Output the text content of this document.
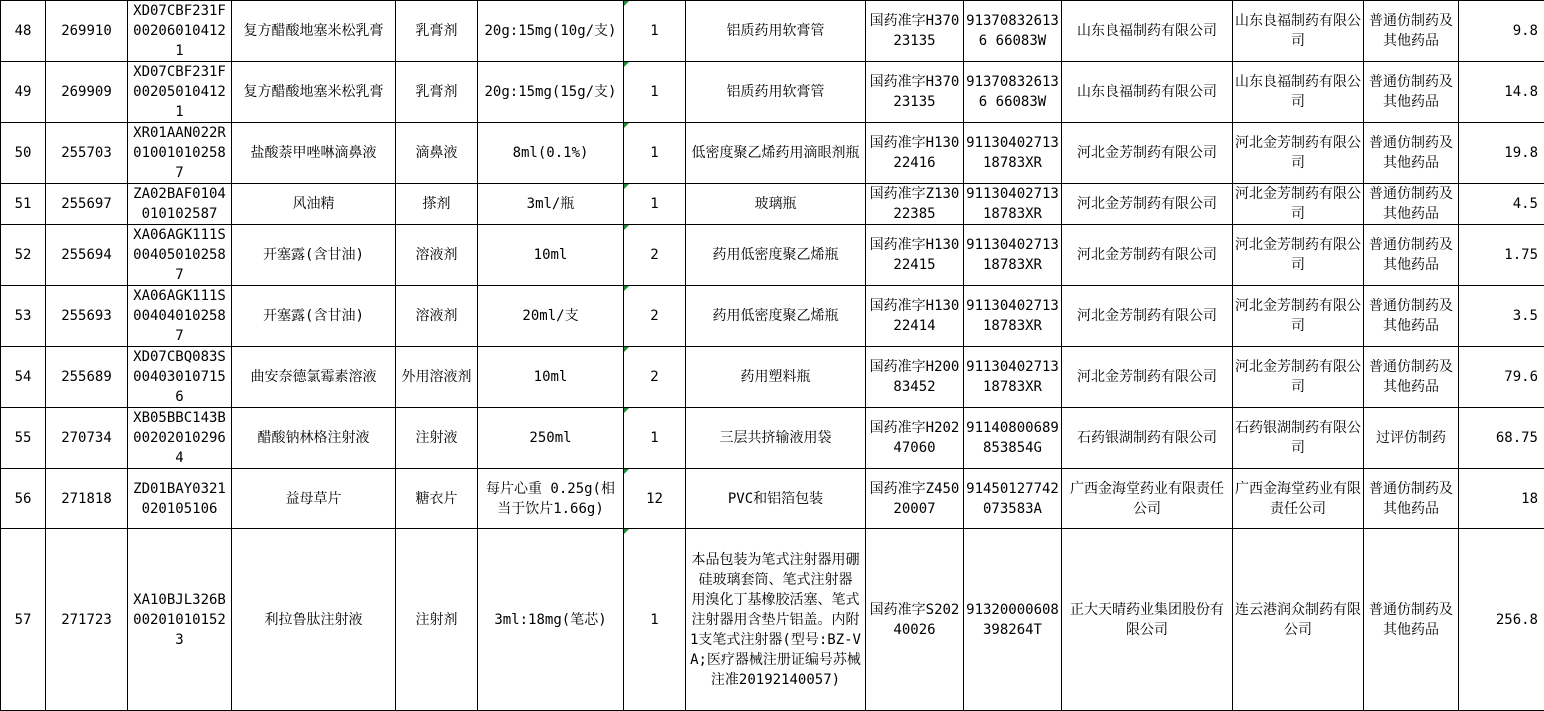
48	269910	XD07CBF231F002060104121	复方醋酸地塞米松乳膏	乳膏剂	20g:15mg(10g/支)	1	铝质药用软膏管	国药准字H37023135	913708326136 66083W	山东良福制药有限公司	山东良福制药有限公司	普通仿制药及其他药品	9.8
49	269909	XD07CBF231F002050104121	复方醋酸地塞米松乳膏	乳膏剂	20g:15mg(15g/支)	1	铝质药用软膏管	国药准字H37023135	913708326136 66083W	山东良福制药有限公司	山东良福制药有限公司	普通仿制药及其他药品	14.8
50	255703	XR01AAN022R010010102587	盐酸萘甲唑啉滴鼻液	滴鼻液	8ml(0.1%)	1	低密度聚乙烯药用滴眼剂瓶	国药准字H13022416	9113040271318783XR	河北金芳制药有限公司	河北金芳制药有限公司	普通仿制药及其他药品	19.8
51	255697	ZA02BAF0104010102587	风油精	搽剂	3ml/瓶	1	玻璃瓶	国药准字Z13022385	9113040271318783XR	河北金芳制药有限公司	河北金芳制药有限公司	普通仿制药及其他药品	4.5
52	255694	XA06AGK111S004050102587	开塞露(含甘油)	溶液剂	10ml	2	药用低密度聚乙烯瓶	国药准字H13022415	9113040271318783XR	河北金芳制药有限公司	河北金芳制药有限公司	普通仿制药及其他药品	1.75
53	255693	XA06AGK111S004040102587	开塞露(含甘油)	溶液剂	20ml/支	2	药用低密度聚乙烯瓶	国药准字H13022414	9113040271318783XR	河北金芳制药有限公司	河北金芳制药有限公司	普通仿制药及其他药品	3.5
54	255689	XD07CBQ083S004030107156	曲安奈德氯霉素溶液	外用溶液剂	10ml	2	药用塑料瓶	国药准字H20083452	9113040271318783XR	河北金芳制药有限公司	河北金芳制药有限公司	普通仿制药及其他药品	79.6
55	270734	XB05BBC143B002020102964	醋酸钠林格注射液	注射液	250ml	1	三层共挤输液用袋	国药准字H20247060	91140800689853854G	石药银湖制药有限公司	石药银湖制药有限公司	过评仿制药	68.75
56	271818	ZD01BAY0321020105106	益母草片	糖衣片	每片心重 0.25g(相当于饮片1.66g)	12	PVC和铝箔包装	国药准字Z45020007	91450127742073583A	广西金海堂药业有限责任公司	广西金海堂药业有限责任公司	普通仿制药及其他药品	18
57	271723	XA10BJL326B002010101523	利拉鲁肽注射液	注射剂	3ml:18mg(笔芯)	1	本品包装为笔式注射器用硼硅玻璃套筒、笔式注射器 用溴化丁基橡胶活塞、笔式注射器用含垫片铝盖。内附1支笔式注射器(型号:BZ-VA;医疗器械注册证编号苏械注准20192140057)	国药准字S20240026	91320000608398264T	正大天晴药业集团股份有限公司	连云港润众制药有限公司	普通仿制药及其他药品	256.8
